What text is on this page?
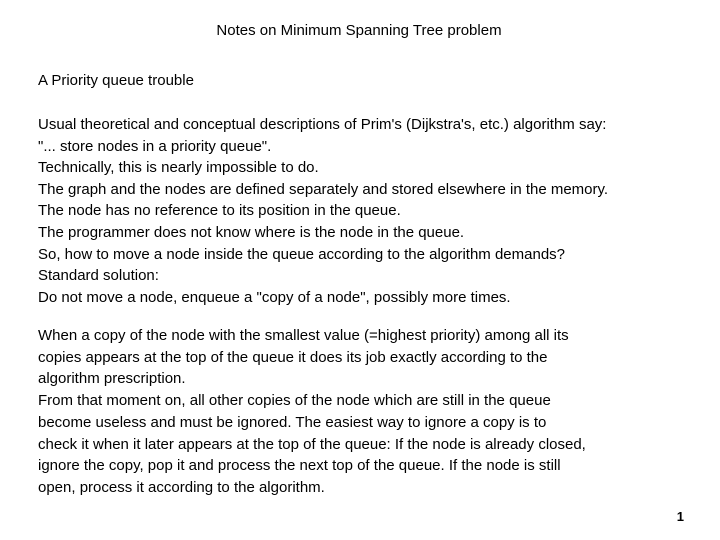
Notes on Minimum Spanning Tree problem
A Priority queue trouble
Usual theoretical and conceptual descriptions of Prim's (Dijkstra's, etc.) algorithm say:
"... store nodes in a priority queue".
Technically, this is nearly impossible to do.
The graph and the nodes are defined separately and stored elsewhere in the memory.
The node has no reference to its position in the queue.
The programmer does not know where is the node in the queue.
So, how to move a node inside the queue according to the algorithm demands?
Standard solution:
Do not move a node, enqueue a "copy of a node", possibly more times.
When a copy of the node with the smallest value (=highest priority) among all its
copies appears at the top of the queue it does its job exactly according to the
algorithm prescription.
From that moment on, all other copies of the node which are still in the queue
become useless and must be ignored. The easiest way to ignore a copy is to
check it when it later appears at the top of the queue: If the node is already closed,
ignore the copy, pop it and process the next top of the queue. If the node is still
open, process it according to the algorithm.
1
